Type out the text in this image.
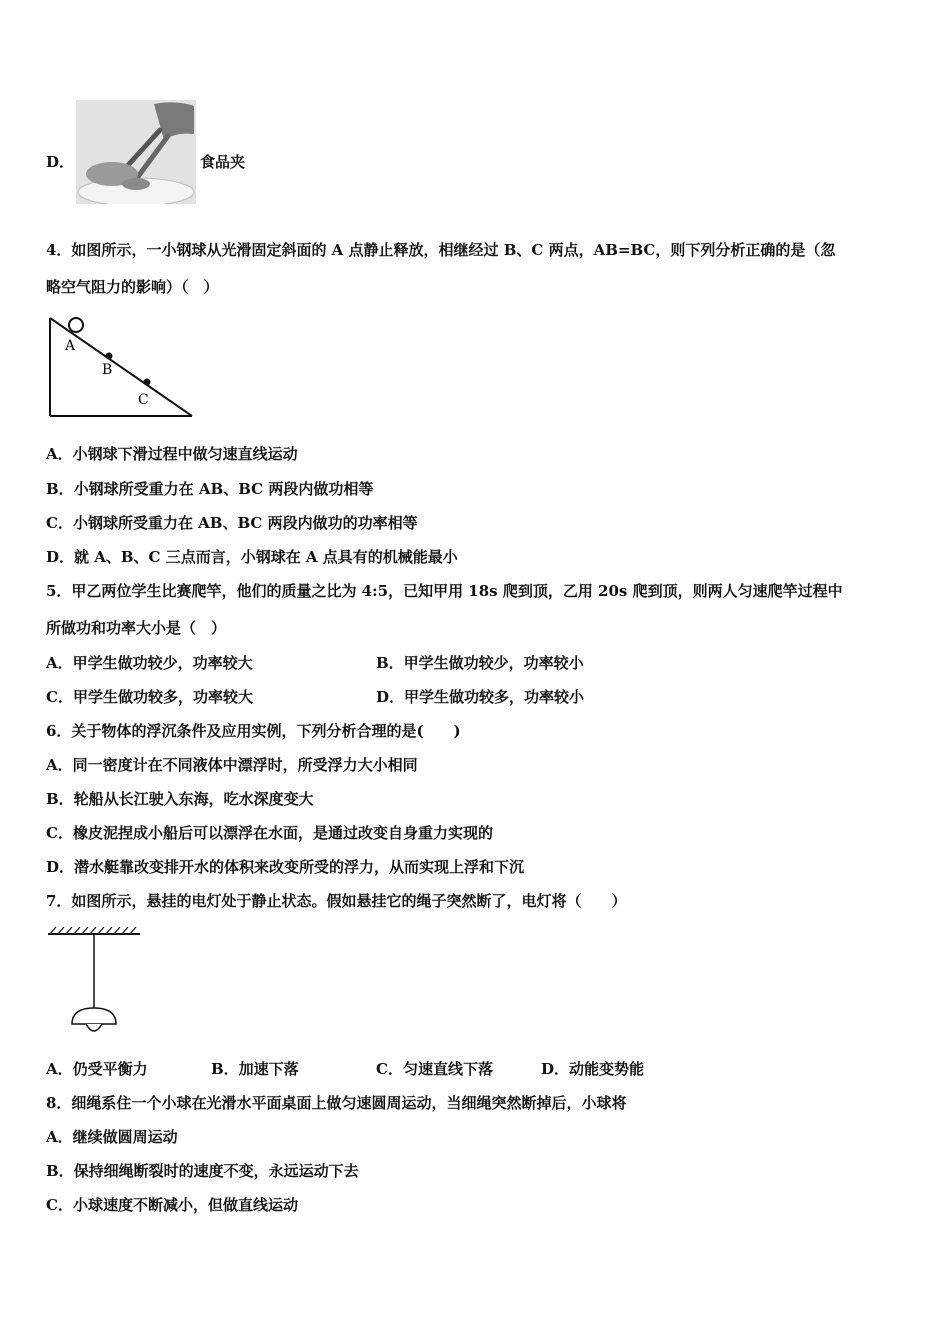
D．	食品夹
4．如图所示，一小钢球从光滑固定斜面的 A 点静止释放，相继经过 B、C 两点，AB=BC，则下列分析正确的是（忽
略空气阻力的影响）（　）
A
B
C
A．小钢球下滑过程中做匀速直线运动
B．小钢球所受重力在 AB、BC 两段内做功相等
C．小钢球所受重力在 AB、BC 两段内做功的功率相等
D．就 A、B、C 三点而言，小钢球在 A 点具有的机械能最小
5．甲乙两位学生比赛爬竿，他们的质量之比为 4:5，已知甲用 18s 爬到顶，乙用 20s 爬到顶，则两人匀速爬竿过程中
所做功和功率大小是（　）
A．甲学生做功较少，功率较大	B．甲学生做功较少，功率较小
C．甲学生做功较多，功率较大	D．甲学生做功较多，功率较小
6．关于物体的浮沉条件及应用实例，下列分析合理的是(　　)
A．同一密度计在不同液体中漂浮时，所受浮力大小相同
B．轮船从长江驶入东海，吃水深度变大
C．橡皮泥捏成小船后可以漂浮在水面，是通过改变自身重力实现的
D．潜水艇靠改变排开水的体积来改变所受的浮力，从而实现上浮和下沉
7．如图所示，悬挂的电灯处于静止状态。假如悬挂它的绳子突然断了，电灯将（　　）
A．仍受平衡力	B．加速下落	C．匀速直线下落	D．动能变势能
8．细绳系住一个小球在光滑水平面桌面上做匀速圆周运动，当细绳突然断掉后，小球将
A．继续做圆周运动
B．保持细绳断裂时的速度不变，永远运动下去
C．小球速度不断减小，但做直线运动
